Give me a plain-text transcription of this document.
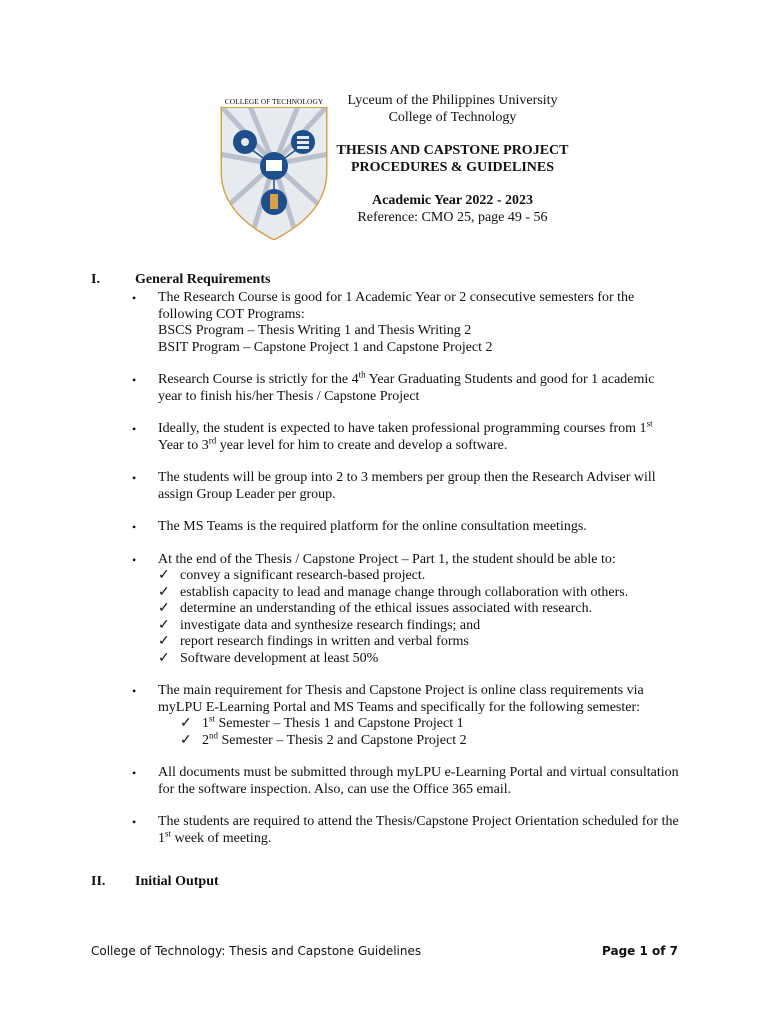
COLLEGE OF TECHNOLOGY	Lyceum of the Philippines University
College of Technology
THESIS AND CAPSTONE PROJECT
PROCEDURES & GUIDELINES
Academic Year 2022 - 2023
Reference: CMO 25, page 49 - 56
I.	General Requirements
• The Research Course is good for 1 Academic Year or 2 consecutive semesters for the following COT Programs:

BSCS Program – Thesis Writing 1 and Thesis Writing 2

BSIT Program – Capstone Project 1 and Capstone Project 2

• Research Course is strictly for the 4th Year Graduating Students and good for 1 academic year to finish his/her Thesis / Capstone Project

• Ideally, the student is expected to have taken professional programming courses from 1st Year to 3rd year level for him to create and develop a software.

• The students will be group into 2 to 3 members per group then the Research Adviser will assign Group Leader per group.

• The MS Teams is the required platform for the online consultation meetings.

• At the end of the Thesis / Capstone Project – Part 1, the student should be able to:

✓ convey a significant research-based project.
✓ establish capacity to lead and manage change through collaboration with others.
✓ determine an understanding of the ethical issues associated with research.
✓ investigate data and synthesize research findings; and
✓ report research findings in written and verbal forms
✓ Software development at least 50%
• The main requirement for Thesis and Capstone Project is online class requirements via myLPU E-Learning Portal and MS Teams and specifically for the following semester:

✓ 1st Semester – Thesis 1 and Capstone Project 1
✓ 2nd Semester – Thesis 2 and Capstone Project 2
• All documents must be submitted through myLPU e-Learning Portal and virtual consultation for the software inspection. Also, can use the Office 365 email.

• The students are required to attend the Thesis/Capstone Project Orientation scheduled for the 1st week of meeting.

II. Initial Output
College of Technology: Thesis and Capstone Guidelines	Page 1 of 7
